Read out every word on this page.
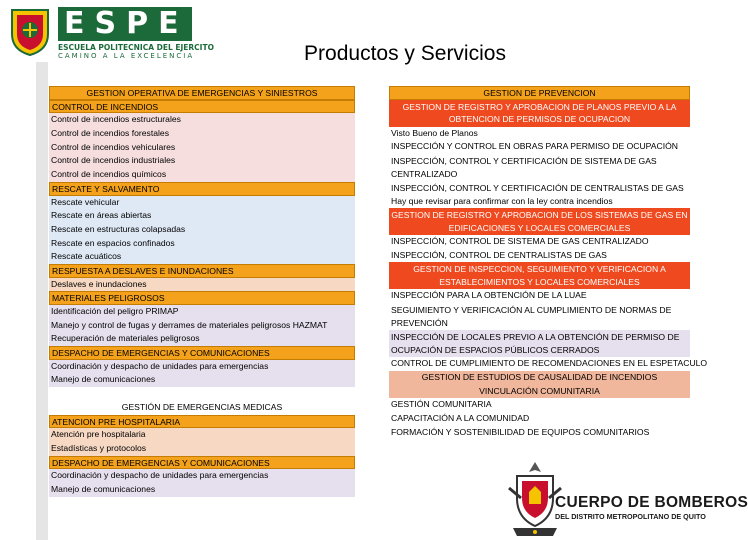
ESPE
ESCUELA POLITECNICA DEL EJERCITO
CAMINO A LA EXCELENCIA	Productos y Servicios
GESTION OPERATIVA DE EMERGENCIAS Y SINIESTROS
CONTROL DE INCENDIOS
Control de incendios estructurales
Control de incendios forestales
Control de incendios vehiculares
Control de incendios industriales
Control de incendios químicos
RESCATE Y SALVAMENTO
Rescate vehicular
Rescate en áreas abiertas
Rescate en estructuras colapsadas
Rescate en espacios confinados
Rescate acuáticos
RESPUESTA A DESLAVES E INUNDACIONES
Deslaves e inundaciones
MATERIALES PELIGROSOS
Identificación del peligro PRIMAP
Manejo y control de fugas y derrames de materiales peligrosos HAZMAT
Recuperación de materiales peligrosos
DESPACHO DE EMERGENCIAS Y COMUNICACIONES
Coordinación y despacho de unidades para emergencias
Manejo de comunicaciones
GESTIÓN DE EMERGENCIAS MEDICAS
ATENCION PRE HOSPITALARIA
Atención pre hospitalaria
Estadísticas y protocolos
DESPACHO DE EMERGENCIAS Y COMUNICACIONES
Coordinación y despacho de unidades para emergencias
Manejo de comunicaciones
GESTION DE PREVENCION
GESTION DE REGISTRO Y APROBACION DE PLANOS PREVIO A LA OBTENCION DE PERMISOS DE OCUPACION
Visto Bueno de Planos
INSPECCIÓN Y CONTROL EN OBRAS PARA PERMISO DE OCUPACIÓN
INSPECCIÓN, CONTROL Y CERTIFICACIÓN DE SISTEMA DE GAS CENTRALIZADO
INSPECCIÓN, CONTROL Y CERTIFICACIÓN DE CENTRALISTAS DE GAS Hay que revisar para confirmar con la ley contra incendios
GESTION DE REGISTRO Y APROBACION DE LOS SISTEMAS DE GAS EN EDIFICACIONES Y LOCALES COMERCIALES
INSPECCIÓN, CONTROL DE SISTEMA DE GAS CENTRALIZADO
INSPECCIÓN, CONTROL DE CENTRALISTAS DE GAS
GESTION DE INSPECCION, SEGUIMIENTO Y VERIFICACION A ESTABLECIMIENTOS Y LOCALES COMERCIALES
INSPECCIÓN PARA LA OBTENCIÓN DE LA LUAE
SEGUIMIENTO Y VERIFICACIÓN AL CUMPLIMIENTO DE NORMAS DE PREVENCIÓN
INSPECCIÓN DE LOCALES PREVIO A LA OBTENCIÓN DE PERMISO DE OCUPACIÓN DE ESPACIOS PÚBLICOS CERRADOS
CONTROL DE CUMPLIMIENTO DE RECOMENDACIONES EN EL ESPETACULO
GESTION DE ESTUDIOS DE CAUSALIDAD DE INCENDIOS
VINCULACIÓN COMUNITARIA
GESTIÓN COMUNITARIA
CAPACITACIÓN A LA COMUNIDAD
FORMACIÓN Y SOSTENIBILIDAD DE EQUIPOS COMUNITARIOS
CUERPO DE BOMBEROS
DEL DISTRITO METROPOLITANO DE QUITO
